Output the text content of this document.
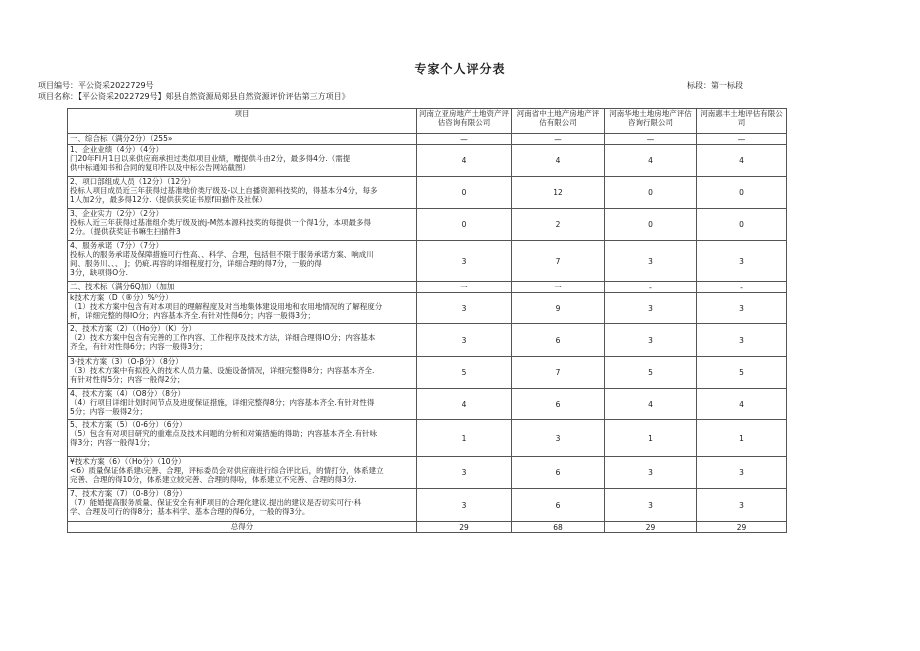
专家个人评分表
项目编号：平公资采2022729号
项目名称：【平公资采2022729号】郏县自然资源局郏县自然资源评价评估第三方项目》
标段：第一标段
项目	河南立亚房地产土地资产评估咨询有限公司	河南省中土地产房地产评估有限公司	河南华地土地房地产评估咨询行限公司	河南惠丰土地评估有限公司
一、综合标（满分2分）（255»	—	—	—	—
1、企业业绩（4分）（4分）
门20年FI月1日以来供应商承担过类似项目业绩，赠提供斗由2分，最多得4分.（需提
供中标通知书和合同的复印件以及中标公告网站截图）	4	4	4	4
2、项口部组成人员（12分）（12分）
投标人项目成员近三年获得过基准地价类厅级及-以上自播资源科技奖的，得基本分4分，每多
1人加2分，最多得12分.（提供获奖证书原f田描件及社保）	0	12	0	0
3、企业实力（2分）（2分）
投标人近三年获得过基准组介类厅级及嵌j-M然本源科技奖的每提供一个得1分，本项最多得
2分。（提供获奖证书嘛生扫描件3	0	2	0	0
4、服务承诺（7分）（7分）
投标人的服务承诺及保障措施可行性高、、科学、合理，包括但不限于服务承诺方案、响成川
间、服务川、、、 J；仍疵.再容的详细程度打分，详细合理的得7分，一般的得
3分，缺项得O分.	3	7	3	3
二、技术标（满分6Q加）（加加	一	一	-	-
k技术方案（D（®分）%⁰分）
（1）技术方案中包含有对本项目的理解程度及对当地集体建设用地和农用地情况的了解程度分
析，详细完整的得IO分；内容基本齐全.有针对性得6分；内容一般得3分；	3	9	3	3
2、技术方案（2）（（Ho分）（K）分）
（2）技术方案中包含有完善的工作内容、工作程序及技术方法，详细合理得IO分；内容基本
齐全，有针对性得6分；内容一般得3分；	3	6	3	3
3·技术方案（3）（O-β分）（8分）
（3）技术方案中有拟投入的技术人员力量、设施设备情况，详细完整得8分；内容基本齐全.
有针对性得5分；内容一般得2分；	5	7	5	5
4、技术方案（4）（O8分）（8分）
（4）行项目详细计划时间节点及进度保证措施，详细完整得8分；内容基本齐全.有针对性得
5分；内容一般得2分；	4	6	4	4
5、技术方案（5）（0-6分）（6分）
（5）包含有对项目研究的重难点及技术问题的分析和对策措施的得助；内容基本齐全.有针咏
得3分；内容一般得1分；	1	3	1	1
¥技术方案（6）（（Ho分）（10分）
<6）质量保证体系建ι完善、合理，评标委员会对供应商进行综合评比后，的情打分，体系建立
完善、合理的得10分，体系建立较完善、合理的得吩，体系建立不完善、合理的得3分.	3	6	3	3
7、技术方案（7）（0-8分）（8分）
（7）能婚提高服务质量、保证安全有利F项目的合理化建议.提出的建议是否切实可行·科
学、合理及可行的得8分；基本科学、基本合理的得6分，一般的得3分。	3	6	3	3
总得分	29	68	29	29
